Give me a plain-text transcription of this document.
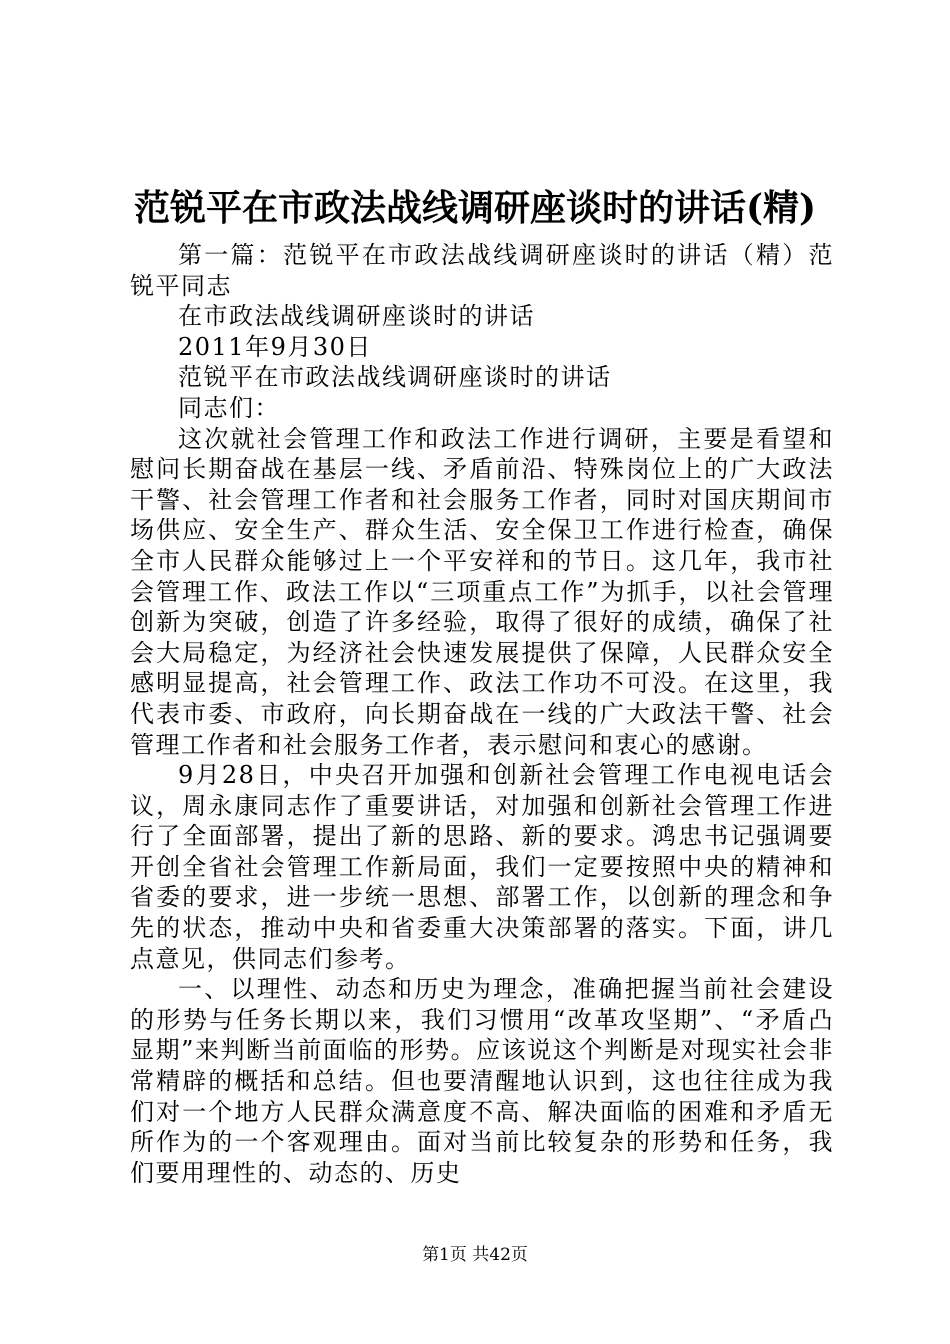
范锐平在市政法战线调研座谈时的讲话(精)

第一篇：范锐平在市政法战线调研座谈时的讲话（精）范锐平同志

在市政法战线调研座谈时的讲话

2011年9月30日

范锐平在市政法战线调研座谈时的讲话

同志们：

这次就社会管理工作和政法工作进行调研，主要是看望和慰问长期奋战在基层一线、矛盾前沿、特殊岗位上的广大政法干警、社会管理工作者和社会服务工作者，同时对国庆期间市场供应、安全生产、群众生活、安全保卫工作进行检查，确保全市人民群众能够过上一个平安祥和的节日。这几年，我市社会管理工作、政法工作以“三项重点工作”为抓手，以社会管理创新为突破，创造了许多经验，取得了很好的成绩，确保了社会大局稳定，为经济社会快速发展提供了保障，人民群众安全感明显提高，社会管理工作、政法工作功不可没。在这里，我代表市委、市政府，向长期奋战在一线的广大政法干警、社会管理工作者和社会服务工作者，表示慰问和衷心的感谢。

9月28日，中央召开加强和创新社会管理工作电视电话会议，周永康同志作了重要讲话，对加强和创新社会管理工作进行了全面部署，提出了新的思路、新的要求。鸿忠书记强调要开创全省社会管理工作新局面，我们一定要按照中央的精神和省委的要求，进一步统一思想、部署工作，以创新的理念和争先的状态，推动中央和省委重大决策部署的落实。下面，讲几点意见，供同志们参考。

一、以理性、动态和历史为理念，准确把握当前社会建设的形势与任务长期以来，我们习惯用“改革攻坚期”、“矛盾凸显期”来判断当前面临的形势。应该说这个判断是对现实社会非常精辟的概括和总结。但也要清醒地认识到，这也往往成为我们对一个地方人民群众满意度不高、解决面临的困难和矛盾无所作为的一个客观理由。面对当前比较复杂的形势和任务，我们要用理性的、动态的、历史

第1页 共42页
